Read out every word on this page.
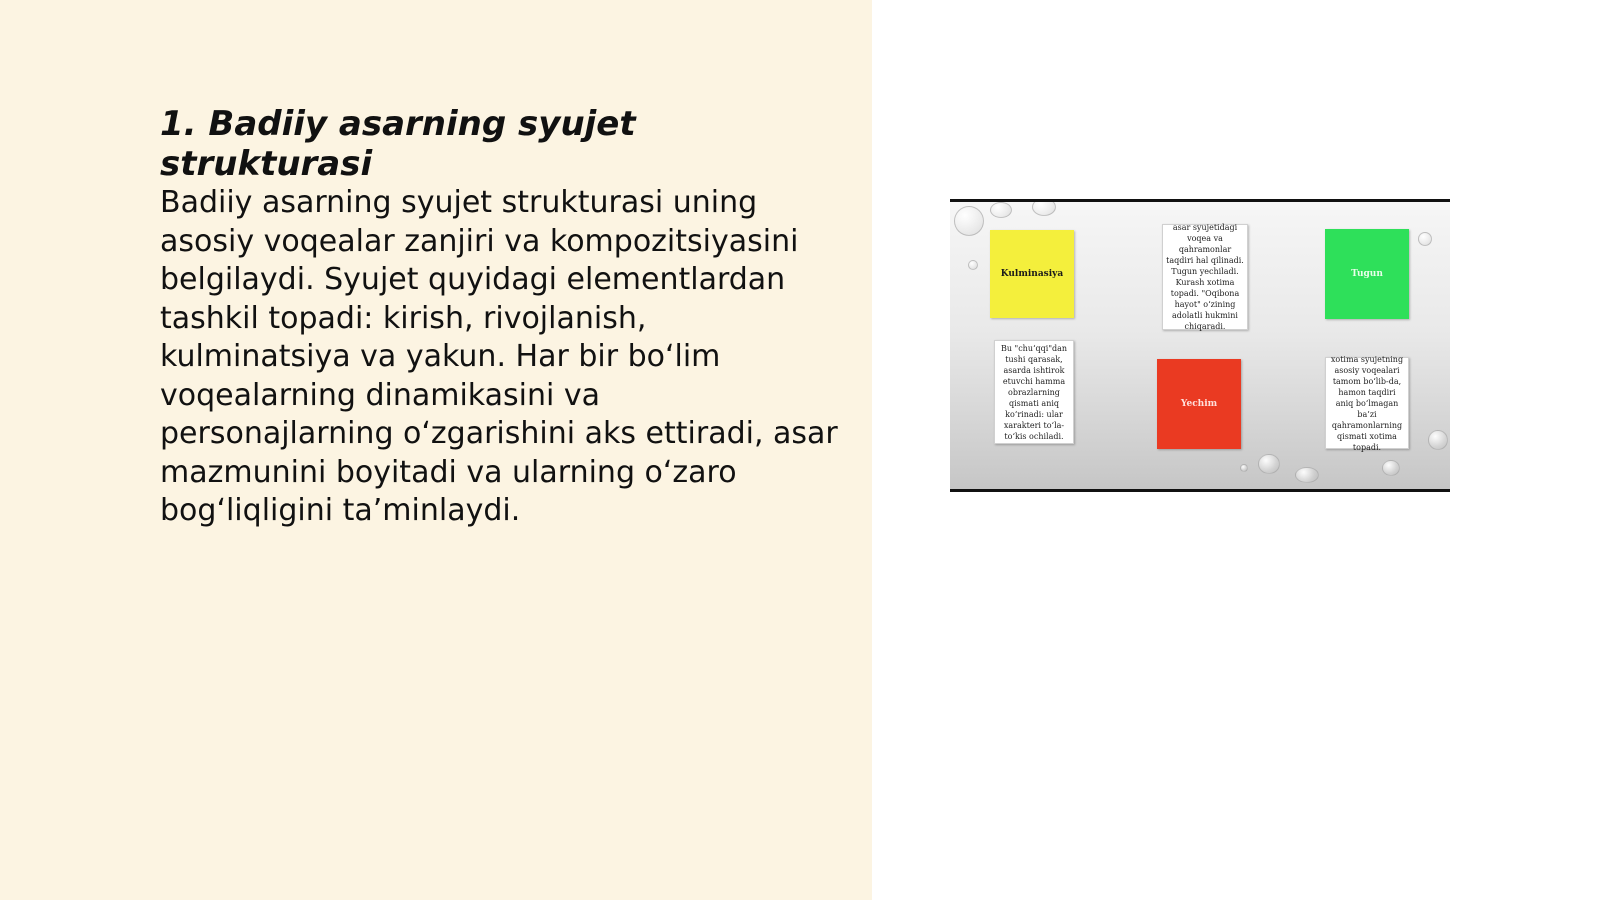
1. Badiiy asarning syujet strukturasi

Badiiy asarning syujet strukturasi uning asosiy voqealar zanjiri va kompozitsiyasini belgilaydi. Syujet quyidagi elementlardan tashkil topadi: kirish, rivojlanish, kulminatsiya va yakun. Har bir bo‘lim voqealarning dinamikasini va personajlarning o‘zgarishini aks ettiradi, asar mazmunini boyitadi va ularning o‘zaro bog‘liqligini ta’minlaydi.

Kulminasiya
asar syujetidagi voqea va qahramonlar taqdiri hal qilinadi. Tugun yechiladi. Kurash xotima topadi. "Oqibona hayot" o‘zining adolatli hukmini chiqaradi.
Tugun
Bu "chu‘qqi"dan tushi qarasak, asarda ishtirok etuvchi hamma obrazlarning qismati aniq ko‘rinadi: ular xarakteri to‘la-to‘kis ochiladi.
Yechim
xotima syujetning asosiy voqealari tamom bo‘lib-da, hamon taqdiri aniq bo‘lmagan ba’zi qahramonlarning qismati xotima topadi.
